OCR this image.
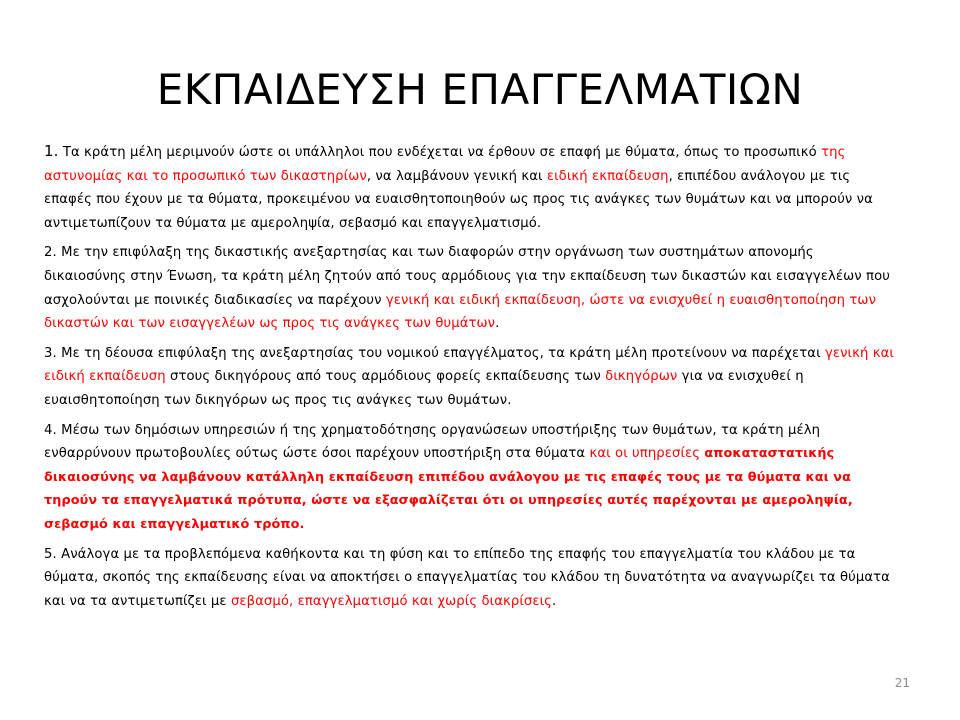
ΕΚΠΑΙΔΕΥΣΗ ΕΠΑΓΓΕΛΜΑΤΙΩΝ

1. Τα κράτη μέλη μεριμνούν ώστε οι υπάλληλοι που ενδέχεται να έρθουν σε επαφή με θύματα, όπως το προσωπικό της αστυνομίας και το προσωπικό των δικαστηρίων, να λαμβάνουν γενική και ειδική εκπαίδευση, επιπέδου ανάλογου με τις επαφές που έχουν με τα θύματα, προκειμένου να ευαισθητοποιηθούν ως προς τις ανάγκες των θυμάτων και να μπορούν να αντιμετωπίζουν τα θύματα με αμεροληψία, σεβασμό και επαγγελματισμό.

2. Με την επιφύλαξη της δικαστικής ανεξαρτησίας και των διαφορών στην οργάνωση των συστημάτων απονομής δικαιοσύνης στην Ένωση, τα κράτη μέλη ζητούν από τους αρμόδιους για την εκπαίδευση των δικαστών και εισαγγελέων που ασχολούνται με ποινικές διαδικασίες να παρέχουν γενική και ειδική εκπαίδευση, ώστε να ενισχυθεί η ευαισθητοποίηση των δικαστών και των εισαγγελέων ως προς τις ανάγκες των θυμάτων.

3. Με τη δέουσα επιφύλαξη της ανεξαρτησίας του νομικού επαγγέλματος, τα κράτη μέλη προτείνουν να παρέχεται γενική και ειδική εκπαίδευση στους δικηγόρους από τους αρμόδιους φορείς εκπαίδευσης των δικηγόρων για να ενισχυθεί η ευαισθητοποίηση των δικηγόρων ως προς τις ανάγκες των θυμάτων.

4. Μέσω των δημόσιων υπηρεσιών ή της χρηματοδότησης οργανώσεων υποστήριξης των θυμάτων, τα κράτη μέλη ενθαρρύνουν πρωτοβουλίες ούτως ώστε όσοι παρέχουν υποστήριξη στα θύματα και οι υπηρεσίες αποκαταστατικής δικαιοσύνης να λαμβάνουν κατάλληλη εκπαίδευση επιπέδου ανάλογου με τις επαφές τους με τα θύματα και να τηρούν τα επαγγελματικά πρότυπα, ώστε να εξασφαλίζεται ότι οι υπηρεσίες αυτές παρέχονται με αμεροληψία, σεβασμό και επαγγελματικό τρόπο.

5. Ανάλογα με τα προβλεπόμενα καθήκοντα και τη φύση και το επίπεδο της επαφής του επαγγελματία του κλάδου με τα θύματα, σκοπός της εκπαίδευσης είναι να αποκτήσει ο επαγγελματίας του κλάδου τη δυνατότητα να αναγνωρίζει τα θύματα και να τα αντιμετωπίζει με σεβασμό, επαγγελματισμό και χωρίς διακρίσεις.

21
